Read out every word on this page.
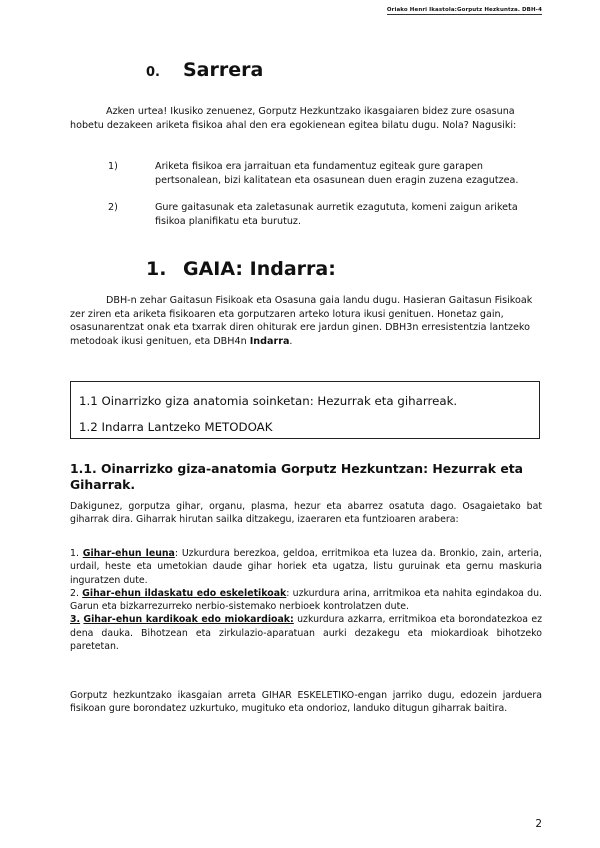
Oriako Henri Ikastola:Gorputz Hezkuntza. DBH-4
0. Sarrera
Azken urtea! Ikusiko zenuenez, Gorputz Hezkuntzako ikasgaiaren bidez zure osasuna hobetu dezakeen ariketa fisikoa ahal den era egokienean egitea bilatu dugu. Nola? Nagusiki:
1)	Ariketa fisikoa era jarraituan eta fundamentuz egiteak gure garapen pertsonalean, bizi kalitatean eta osasunean duen eragin zuzena ezagutzea.
2)	Gure gaitasunak eta zaletasunak aurretik ezagututa, komeni zaigun ariketa fisikoa planifikatu eta burutuz.
1. GAIA: Indarra:
DBH-n zehar Gaitasun Fisikoak eta Osasuna gaia landu dugu. Hasieran Gaitasun Fisikoak zer ziren eta ariketa fisikoaren eta gorputzaren arteko lotura ikusi genituen. Honetaz gain, osasunarentzat onak eta txarrak diren ohiturak ere jardun ginen. DBH3n erresistentzia lantzeko metodoak ikusi genituen, eta DBH4n Indarra.
1.1 Oinarrizko giza anatomia soinketan: Hezurrak eta giharreak.
1.2 Indarra Lantzeko METODOAK
1.1. Oinarrizko giza-anatomia Gorputz Hezkuntzan: Hezurrak eta Giharrak.
Dakigunez, gorputza gihar, organu, plasma, hezur eta abarrez osatuta dago. Osagaietako bat giharrak dira. Giharrak hirutan sailka ditzakegu, izaeraren eta funtzioaren arabera:
1. Gihar-ehun leuna: Uzkurdura berezkoa, geldoa, erritmikoa eta luzea da. Bronkio, zain, arteria, urdail, heste eta umetokian daude gihar horiek eta ugatza, listu guruinak eta gernu maskuria inguratzen dute.
2. Gihar-ehun ildaskatu edo eskeletikoak: uzkurdura arina, arritmikoa eta nahita egindakoa du. Garun eta bizkarrezurreko nerbio-sistemako nerbioek kontrolatzen dute.
3. Gihar-ehun kardikoak edo miokardioak: uzkurdura azkarra, erritmikoa eta borondatezkoa ez dena dauka. Bihotzean eta zirkulazio-aparatuan aurki dezakegu eta miokardioak bihotzeko paretetan.
Gorputz hezkuntzako ikasgaian arreta GIHAR ESKELETIKO-engan jarriko dugu, edozein jarduera fisikoan gure borondatez uzkurtuko, mugituko eta ondorioz, landuko ditugun giharrak baitira.
2
